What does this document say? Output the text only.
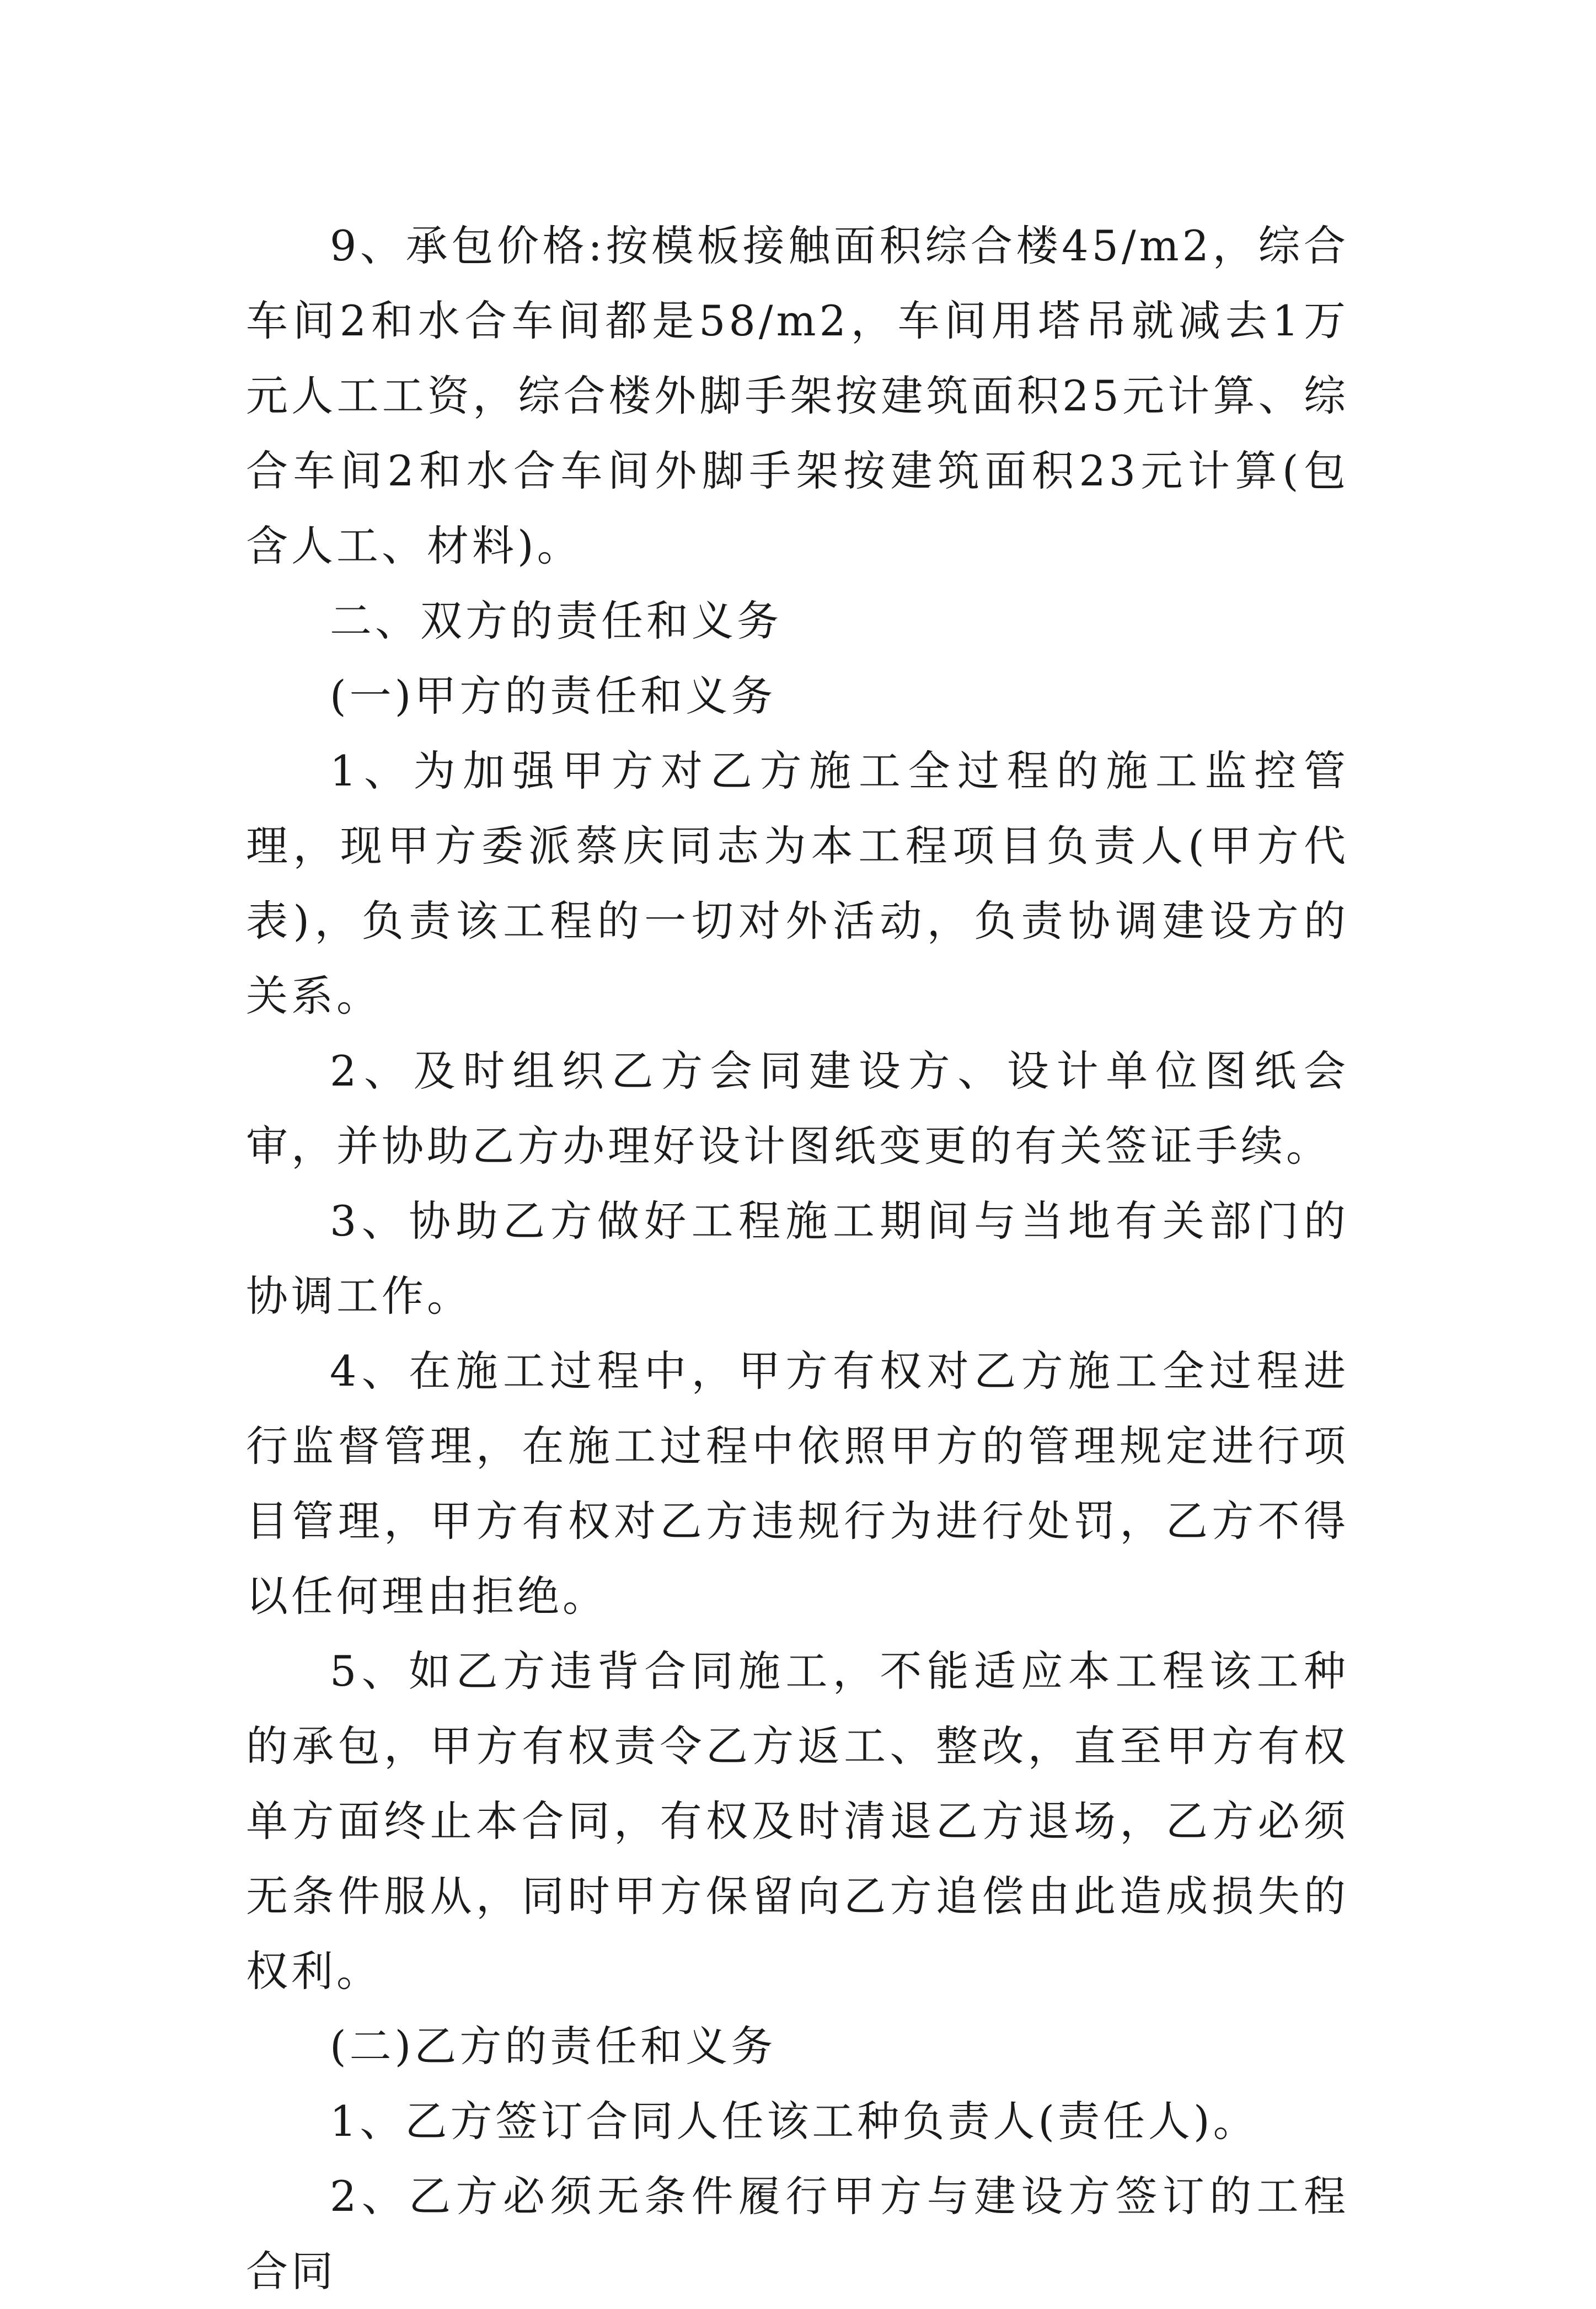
9、承包价格:按模板接触面积综合楼45/m2，综合车间2和水合车间都是58/m2，车间用塔吊就减去1万元人工工资，综合楼外脚手架按建筑面积25元计算、综合车间2和水合车间外脚手架按建筑面积23元计算(包含人工、材料)。

二、双方的责任和义务

(一)甲方的责任和义务

1、为加强甲方对乙方施工全过程的施工监控管理，现甲方委派蔡庆同志为本工程项目负责人(甲方代表)，负责该工程的一切对外活动，负责协调建设方的关系。

2、及时组织乙方会同建设方、设计单位图纸会审，并协助乙方办理好设计图纸变更的有关签证手续。

3、协助乙方做好工程施工期间与当地有关部门的协调工作。

4、在施工过程中，甲方有权对乙方施工全过程进行监督管理，在施工过程中依照甲方的管理规定进行项目管理，甲方有权对乙方违规行为进行处罚，乙方不得以任何理由拒绝。

5、如乙方违背合同施工，不能适应本工程该工种的承包，甲方有权责令乙方返工、整改，直至甲方有权单方面终止本合同，有权及时清退乙方退场，乙方必须无条件服从，同时甲方保留向乙方追偿由此造成损失的权利。

(二)乙方的责任和义务

1、乙方签订合同人任该工种负责人(责任人)。

2、乙方必须无条件履行甲方与建设方签订的工程合同
